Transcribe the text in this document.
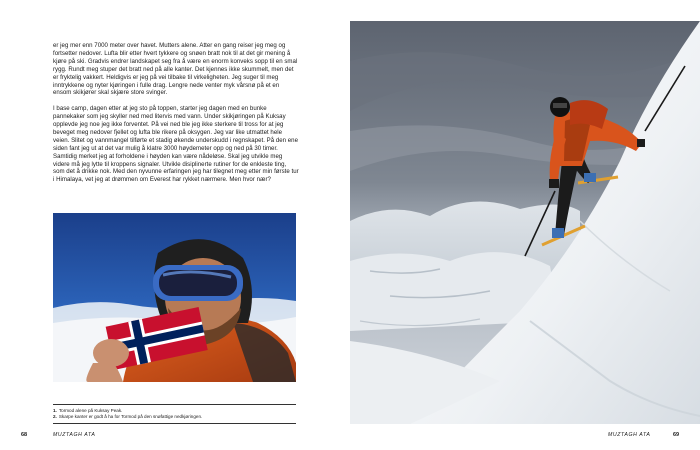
er jeg mer enn 7000 meter over havet. Mutters alene. Atter en gang reiser jeg meg og fortsetter nedover. Lufta blir etter hvert tykkere og snøen bratt nok til at det gir mening å kjøre på ski. Gradvis endrer landskapet seg fra å være en enorm konveks sopp til en smal rygg. Rundt meg stuper det bratt ned på alle kanter. Det kjennes ikke skummelt, men det er fryktelig vakkert. Heldigvis er jeg på vei tilbake til virkeligheten. Jeg suger til meg inntrykkene og nyter kjøringen i fulle drag. Lengre nede venter myk vårsnø på et en ensom skikjører skal skjære store svinger.

I base camp, dagen etter at jeg sto på toppen, starter jeg dagen med en bunke pannekaker som jeg skyller ned med litervis med vann. Under skikjøringen på Kuksay opplevde jeg noe jeg ikke forventet. På vei ned ble jeg ikke sterkere til tross for at jeg beveget meg nedover fjellet og lufta ble rikere på oksygen. Jeg var like utmattet hele veien. Slitet og vannmangel tilførte et stadig økende underskudd i regnskapet. På den ene siden fant jeg ut at det var mulig å klatre 3000 høydemeter opp og ned på 30 timer. Samtidig merket jeg at forholdene i høyden kan være nådeløse. Skal jeg utvikle meg videre må jeg lytte til kroppens signaler. Utvikle disiplinerte rutiner for de enkleste ting, som det å drikke nok. Med den nyvunne erfaringen jeg har tilegnet meg etter min første tur i Himalaya, vet jeg at drømmen om Everest har rykket nærmere. Men hvor nær?

1. Tormod alene på Kuksay Peak.
2. Skarpe kanter er godt å ha for Tormod på den snøfattige nedkjøringen.
68	MUZTAGH ATA	MUZTAGH ATA	69
